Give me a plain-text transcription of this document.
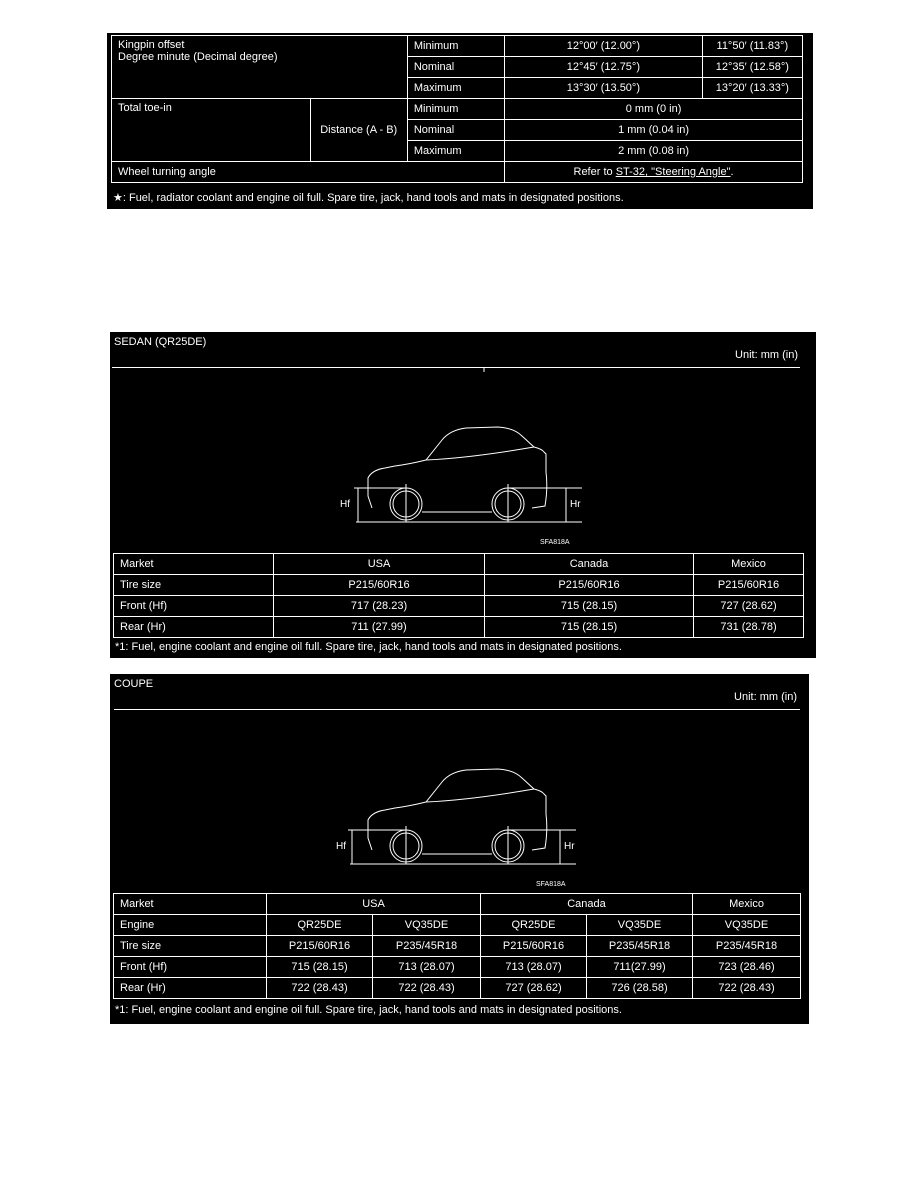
Kingpin offset
Degree minute (Decimal degree)		Minimum	12°00′ (12.00°)	11°50′ (11.83°)
		Nominal	12°45′ (12.75°)	12°35′ (12.58°)
		Maximum	13°30′ (13.50°)	13°20′ (13.33°)
Total toe-in	Distance (A - B)	Minimum	0 mm (0 in)	
		Nominal	1 mm (0.04 in)	
		Maximum	2 mm (0.08 in)	
Wheel turning angle			Refer to ST-32, "Steering Angle".	
★: Fuel, radiator coolant and engine oil full. Spare tire, jack, hand tools and mats in designated positions.
SEDAN (QR25DE)
Unit: mm (in)
Hf	Hr
SFA818A
Market	USA	Canada	Mexico
Tire size	P215/60R16	P215/60R16	P215/60R16
Front (Hf)	717 (28.23)	715 (28.15)	727 (28.62)
Rear (Hr)	711 (27.99)	715 (28.15)	731 (28.78)
*1: Fuel, engine coolant and engine oil full. Spare tire, jack, hand tools and mats in designated positions.
COUPE
Unit: mm (in)
Hf	Hr
SFA818A
Market	USA		Canada		Mexico
Engine	QR25DE	VQ35DE	QR25DE	VQ35DE	VQ35DE
Tire size	P215/60R16	P235/45R18	P215/60R16	P235/45R18	P235/45R18
Front (Hf)	715 (28.15)	713 (28.07)	713 (28.07)	711(27.99)	723 (28.46)
Rear (Hr)	722 (28.43)	722 (28.43)	727 (28.62)	726 (28.58)	722 (28.43)
*1: Fuel, engine coolant and engine oil full. Spare tire, jack, hand tools and mats in designated positions.
